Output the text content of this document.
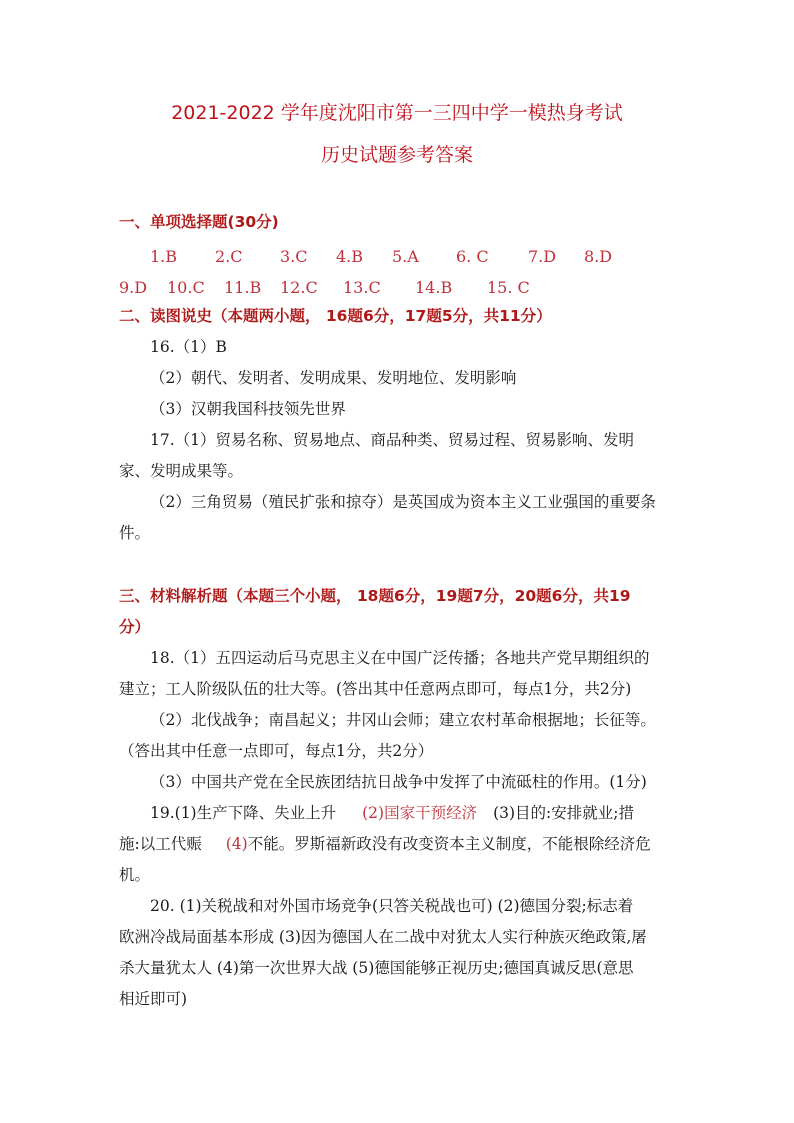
2021-2022 学年度沈阳市第一三四中学一模热身考试
历史试题参考答案
一、单项选择题(30分)
1.B 2.C 3.C 4.B 5.A 6. C 7.D 8.D
9.D 10.C 11.B 12.C 13.C 14.B 15. C
二、读图说史（本题两小题， 16题6分，17题5分，共11分）
16.（1）B
（2）朝代、发明者、发明成果、发明地位、发明影响
（3）汉朝我国科技领先世界
17.（1）贸易名称、贸易地点、商品种类、贸易过程、贸易影响、发明
家、发明成果等。
（2）三角贸易（殖民扩张和掠夺）是英国成为资本主义工业强国的重要条
件。
三、材料解析题（本题三个小题， 18题6分，19题7分，20题6分，共19
分）
18.（1）五四运动后马克思主义在中国广泛传播；各地共产党早期组织的
建立；工人阶级队伍的壮大等。(答出其中任意两点即可，每点1分，共2分)
（2）北伐战争；南昌起义；井冈山会师；建立农村革命根据地；长征等。
（答出其中任意一点即可，每点1分，共2分）
（3）中国共产党在全民族团结抗日战争中发挥了中流砥柱的作用。(1分)
19.(1)生产下降、失业上升 (2)国家干预经济 (3)目的:安排就业;措
施:以工代赈 (4)不能。罗斯福新政没有改变资本主义制度，不能根除经济危
机。
20. (1)关税战和对外国市场竞争(只答关税战也可) (2)德国分裂;标志着
欧洲冷战局面基本形成 (3)因为德国人在二战中对犹太人实行种族灭绝政策,屠
杀大量犹太人 (4)第一次世界大战 (5)德国能够正视历史;德国真诚反思(意思
相近即可)
